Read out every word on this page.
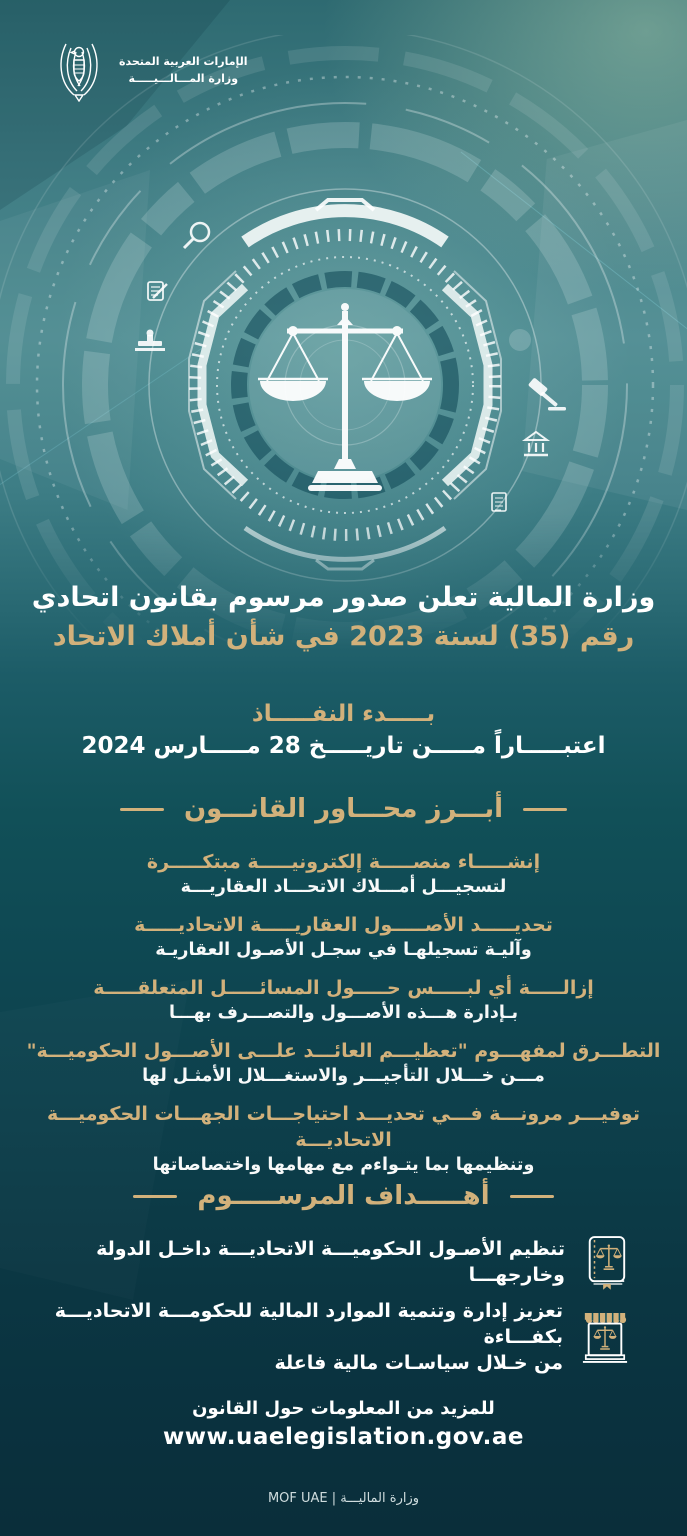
الإمارات العربية المتحدة
وزارة المـــالـــيـــــة
وزارة المالية تعلن صدور مرسوم بقانون اتحادي
رقم (35) لسنة 2023 في شأن أملاك الاتحاد
بـــــدء النفـــــاذ
اعتبـــــاراً مـــــن تاريـــــخ 28 مـــــارس 2024
أبـــرز محـــاور القانـــون
إنشـــــاء منصـــــة إلكترونيـــــة مبتكـــــرة
لتسجيـــل أمـــلاك الاتحـــاد العقاريـــة
تحديـــــد الأصـــــول العقاريـــــة الاتحاديـــــة
وآليـة تسجيلهـا في سجـل الأصـول العقاريـة
إزالـــــة أي لبـــــس حـــــول المسائـــــل المتعلقـــــة
بـإدارة هـــذه الأصـــول والتصـــرف بهـــا
التطـــرق لمفهـــوم "تعظيـــم العائـــد علـــى الأصـــول الحكوميـــة"
مـــن خـــلال التأجيـــر والاستغـــلال الأمثـل لها
توفيـــر مرونـــة فـــي تحديـــد احتياجـــات الجهـــات الحكوميـــة الاتحاديـــة
وتنظيمها بما يتـواءم مع مهامها واختصاصاتها
أهـــــداف المرســـــوم
تنظيم الأصـول الحكوميـــة الاتحاديـــة داخـل الدولة وخارجهـــا
تعزيز إدارة وتنمية الموارد المالية للحكومـــة الاتحاديـــة بكفـــاءة
من خـلال سياسـات مالية فاعلة
للمزيد من المعلومات حول القانون
www.uaelegislation.gov.ae
وزارة الماليـــة | MOF UAE
